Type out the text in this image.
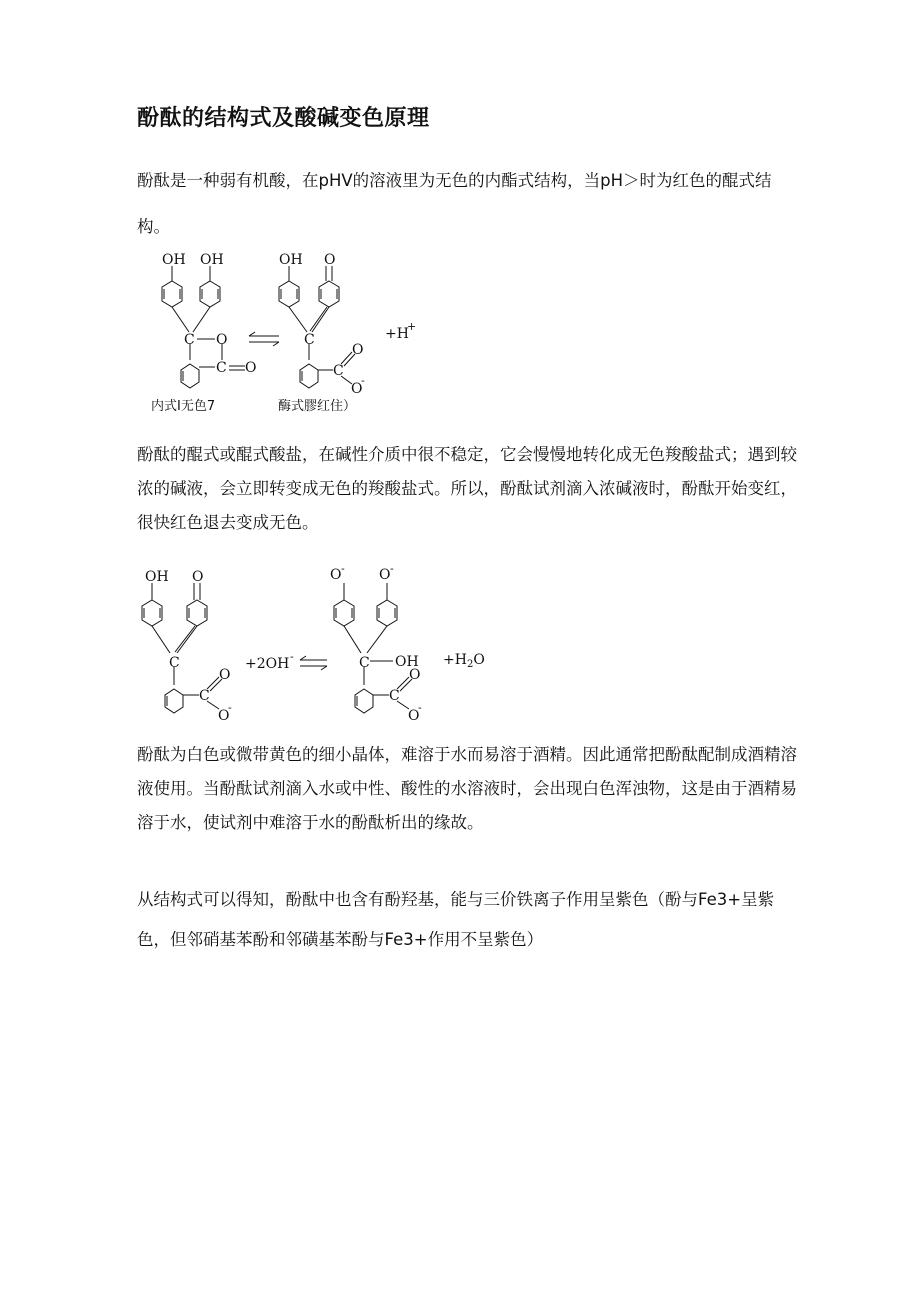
酚酞的结构式及酸碱变色原理

酚酞是一种弱有机酸，在pHV的溶液里为无色的内酯式结构，当pH＞时为红色的醌式结构。

OH OH
C O
C O
OH O
C
C
O
O
-
+H
+
内式I无色7	酶式膠红住）

酚酞的醌式或醌式酸盐，在碱性介质中很不稳定，它会慢慢地转化成无色羧酸盐式；遇到较浓的碱液，会立即转变成无色的羧酸盐式。所以，酚酞试剂滴入浓碱液时，酚酞开始变红，很快红色退去变成无色。

OH O
C
C
O
O
-
+2OH -
O - O -
C OH
C
O
O
-
$+H_2O$

酚酞为白色或微带黄色的细小晶体，难溶于水而易溶于酒精。因此通常把酚酞配制成酒精溶液使用。当酚酞试剂滴入水或中性、酸性的水溶液时，会出现白色浑浊物，这是由于酒精易溶于水，使试剂中难溶于水的酚酞析出的缘故。

从结构式可以得知，酚酞中也含有酚羟基，能与三价铁离子作用呈紫色（酚与Fe3+呈紫色，但邻硝基苯酚和邻磺基苯酚与Fe3+作用不呈紫色）
